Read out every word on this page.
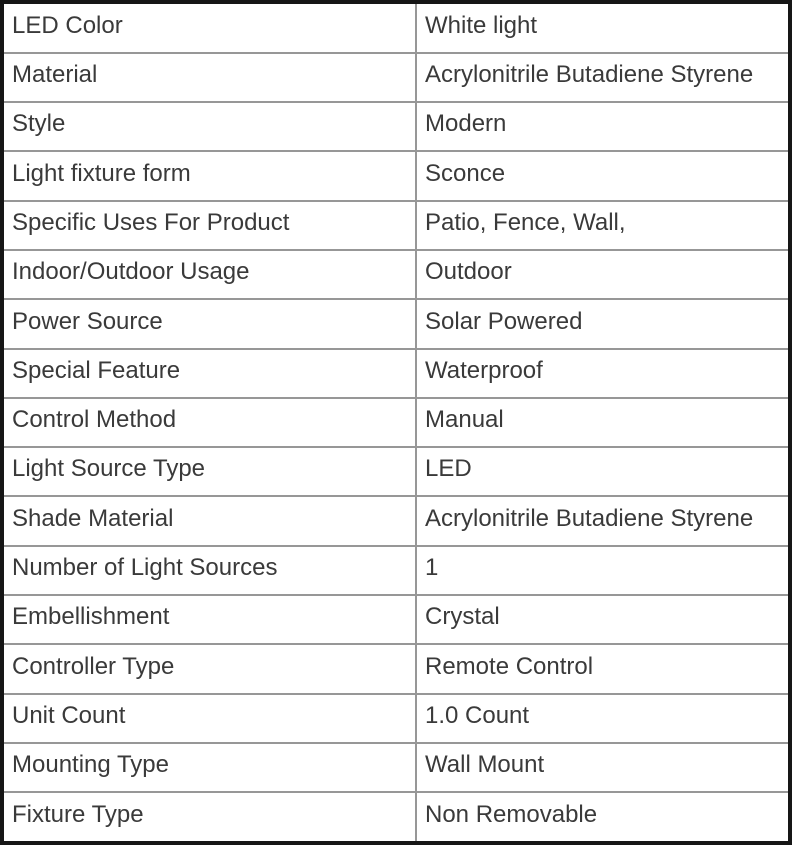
LED Color	White light
Material	Acrylonitrile Butadiene Styrene
Style	Modern
Light fixture form	Sconce
Specific Uses For Product	Patio, Fence, Wall,
Indoor/Outdoor Usage	Outdoor
Power Source	Solar Powered
Special Feature	Waterproof
Control Method	Manual
Light Source Type	LED
Shade Material	Acrylonitrile Butadiene Styrene
Number of Light Sources	1
Embellishment	Crystal
Controller Type	Remote Control
Unit Count	1.0 Count
Mounting Type	Wall Mount
Fixture Type	Non Removable
